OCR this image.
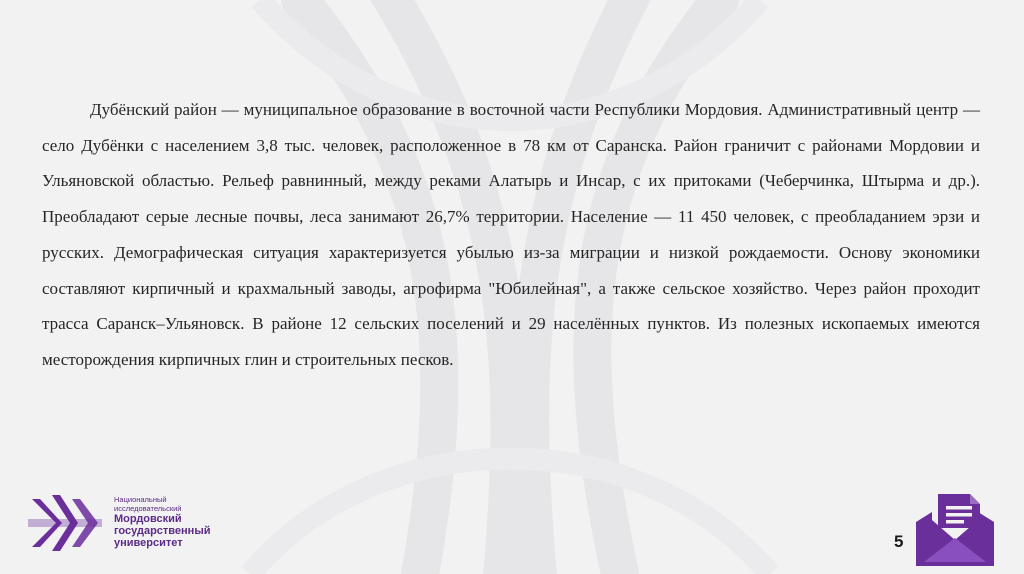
Дубёнский район — муниципальное образование в восточной части Республики Мордовия. Административный центр — село Дубёнки с населением 3,8 тыс. человек, расположенное в 78 км от Саранска. Район граничит с районами Мордовии и Ульяновской областью. Рельеф равнинный, между реками Алатырь и Инсар, с их притоками (Чеберчинка, Штырма и др.). Преобладают серые лесные почвы, леса занимают 26,7% территории. Население — 11 450 человек, с преобладанием эрзи и русских. Демографическая ситуация характеризуется убылью из-за миграции и низкой рождаемости. Основу экономики составляют кирпичный и крахмальный заводы, агрофирма "Юбилейная", а также сельское хозяйство. Через район проходит трасса Саранск–Ульяновск. В районе 12 сельских поселений и 29 населённых пунктов. Из полезных ископаемых имеются месторождения кирпичных глин и строительных песков.

Национальный
исследовательский
Мордовский
государственный
университет	5
